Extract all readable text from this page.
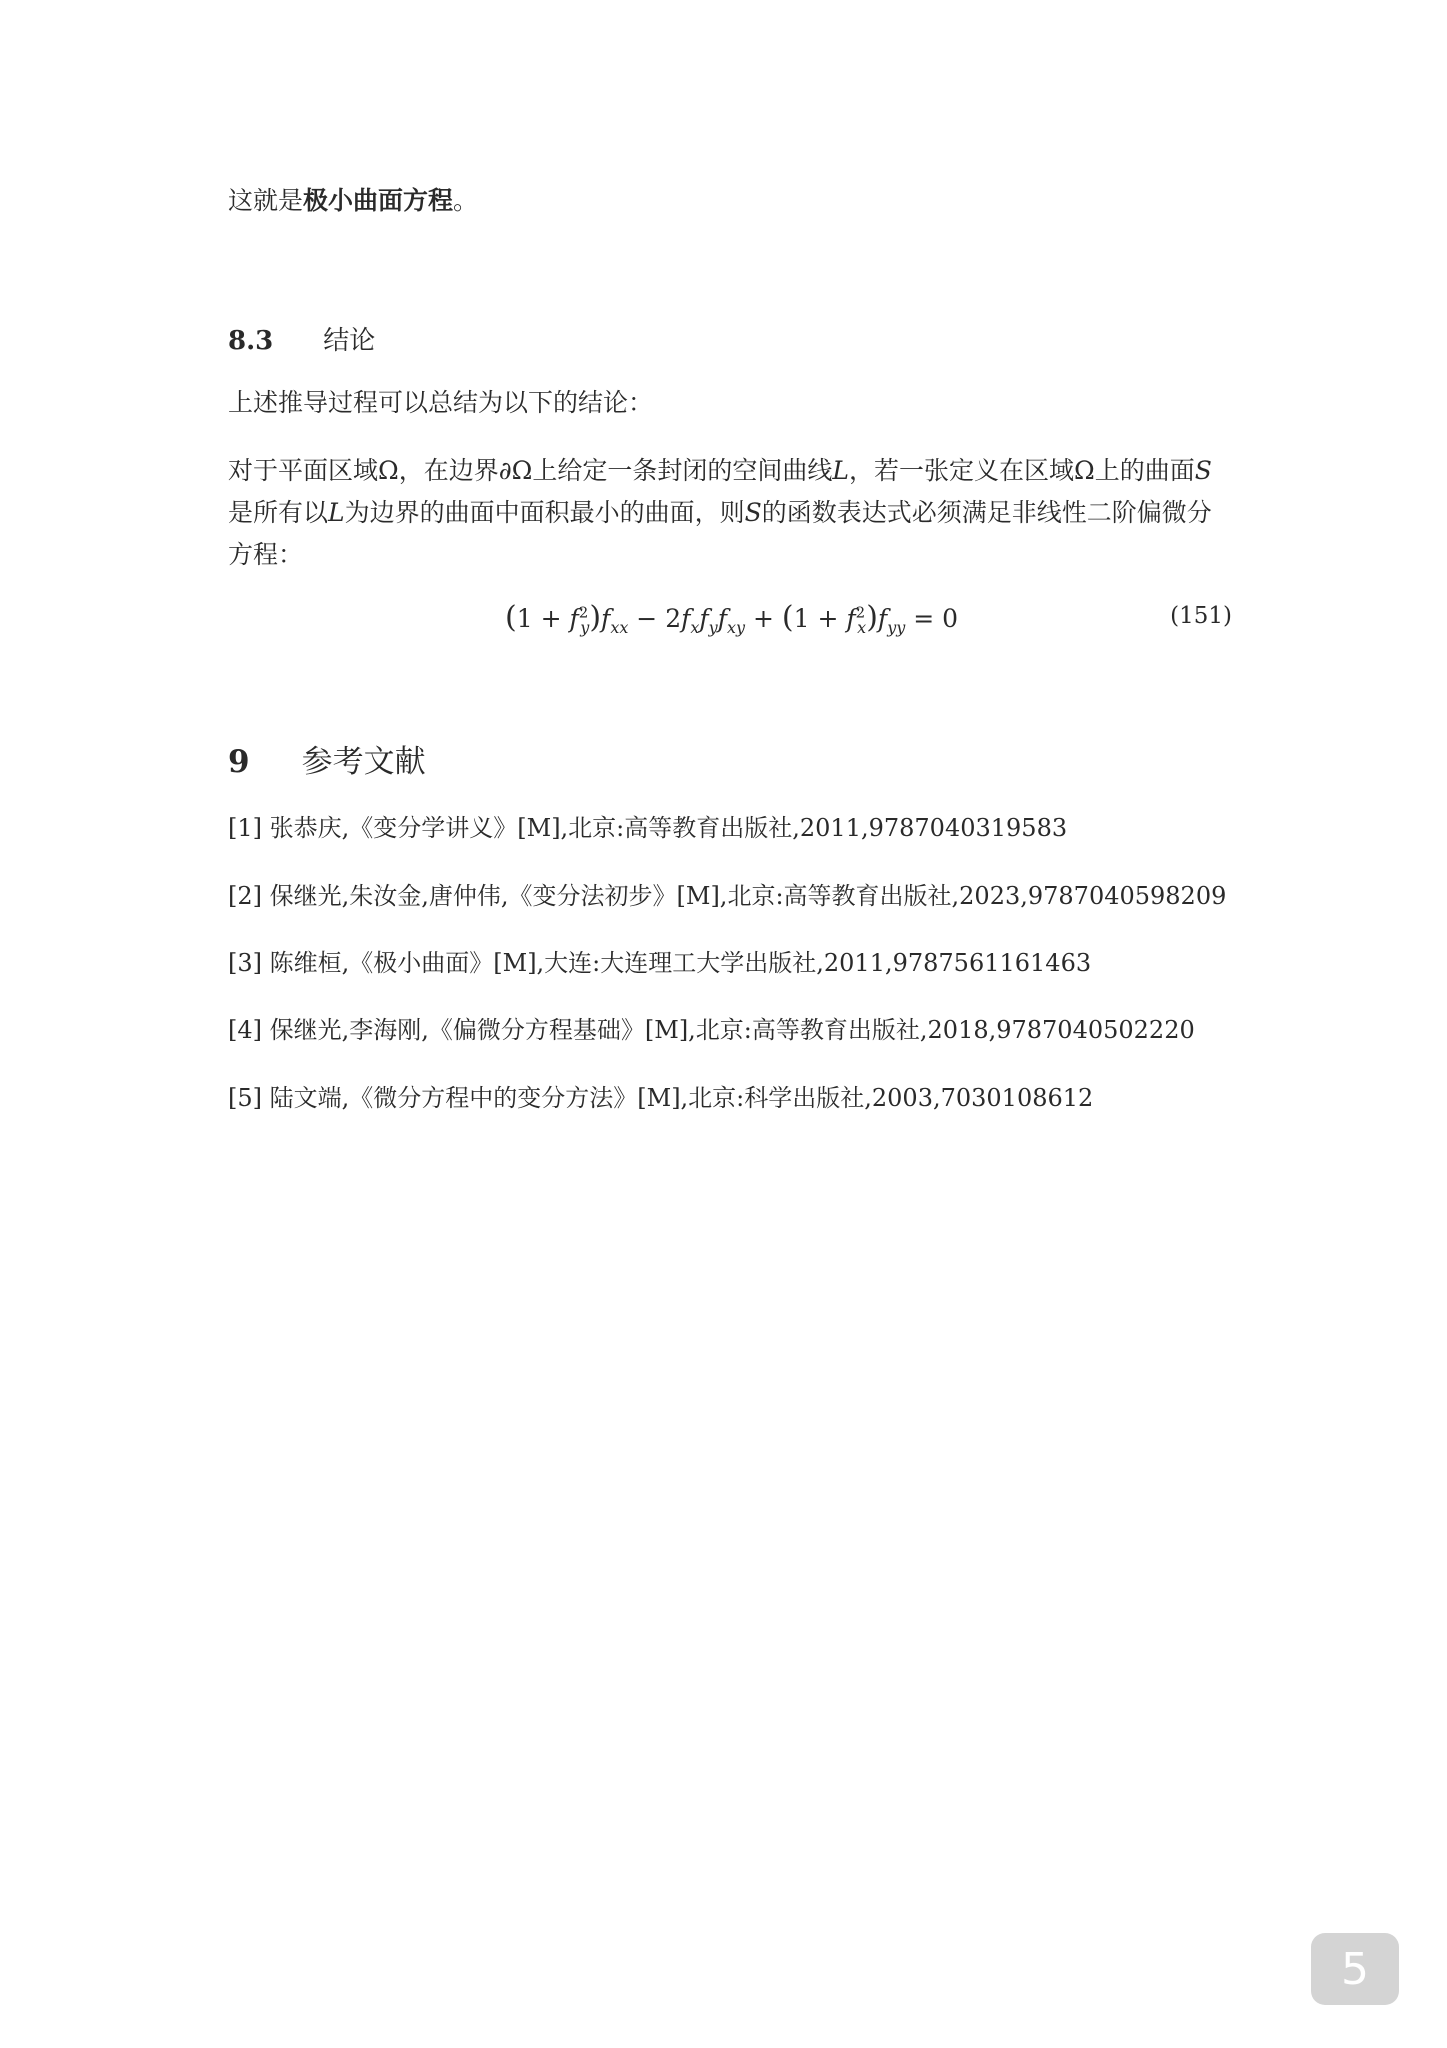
这就是极小曲面方程。
8.3 结论
上述推导过程可以总结为以下的结论：
对于平面区域Ω，在边界∂Ω上给定一条封闭的空间曲线L，若一张定义在区域Ω上的曲面S
是所有以L为边界的曲面中面积最小的曲面，则S的函数表达式必须满足非线性二阶偏微分
方程：
$(1 + f^2_y)f_{xx} - 2f_xf_yf_{xy} + (1 + f^2_x)f_{yy} = 0$	(151)
9 参考文献
[1] 张恭庆,《变分学讲义》[M],北京:高等教育出版社,2011,9787040319583
[2] 保继光,朱汝金,唐仲伟,《变分法初步》[M],北京:高等教育出版社,2023,9787040598209
[3] 陈维桓,《极小曲面》[M],大连:大连理工大学出版社,2011,9787561161463
[4] 保继光,李海刚,《偏微分方程基础》[M],北京:高等教育出版社,2018,9787040502220
[5] 陆文端,《微分方程中的变分方法》[M],北京:科学出版社,2003,7030108612
5
